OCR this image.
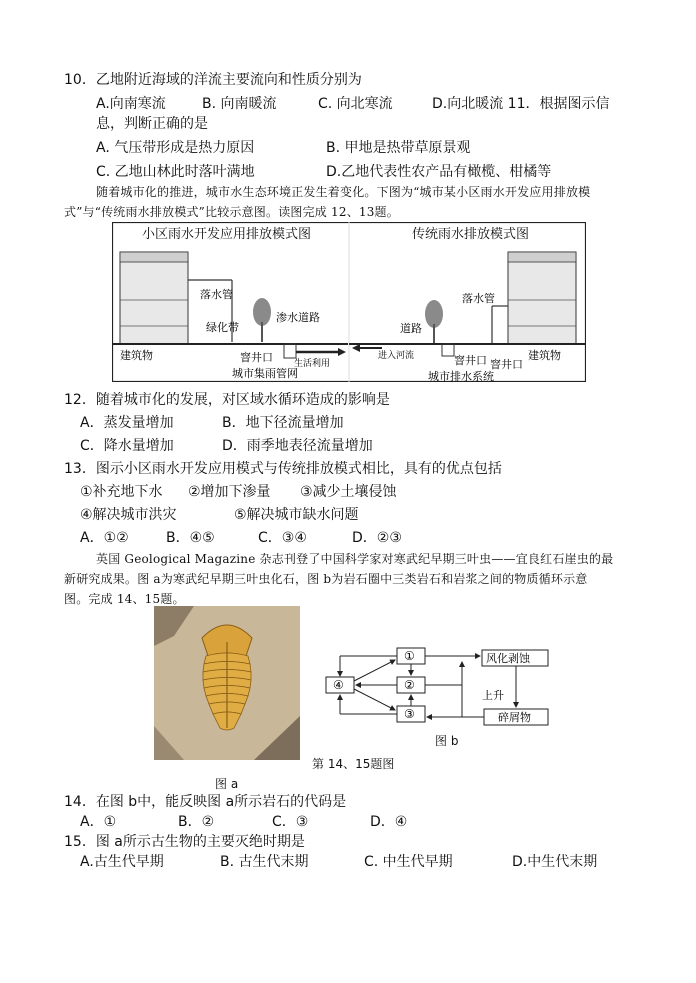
10．乙地附近海域的洋流主要流向和性质分别为
A.向南寒流	B. 向南暖流	C. 向北寒流	D.向北暖流 11．根据图示信
息，判断正确的是
A. 气压带形成是热力原因	B. 甲地是热带草原景观
C. 乙地山林此时落叶满地	D.乙地代表性农产品有橄榄、柑橘等
随着城市化的推进，城市水生态环境正发生着变化。下图为“城市某小区雨水开发应用排放模
式”与“传统雨水排放模式”比较示意图。读图完成 12、13题。
小区雨水开发应用排放模式图	传统雨水排放模式图
落水管
绿化带
渗水道路
建筑物	窨井口 生活利用
城市集雨管网
落水管
道路
进入河流	窨井口 窨井口
建筑物
城市排水系统
12．随着城市化的发展，对区域水循环造成的影响是
A．蒸发量增加	B．地下径流量增加
C．降水量增加	D．雨季地表径流量增加
13．图示小区雨水开发应用模式与传统排放模式相比，具有的优点包括
①补充地下水 ②增加下渗量 ③减少土壤侵蚀
④解决城市洪灾	⑤解决城市缺水问题
A．①②	B．④⑤	C．③④	D．②③
英国 Geological Magazine 杂志刊登了中国科学家对寒武纪早期三叶虫——宜良红石崖虫的最
新研究成果。图 a为寒武纪早期三叶虫化石，图 b为岩石圈中三类岩石和岩浆之间的物质循环示意
图。完成 14、15题。
图 a
①
②
③
④
风化剥蚀
碎屑物
上升
图 b
第 14、15题图
14．在图 b中，能反映图 a所示岩石的代码是
A．①	B．②	C．③	D．④
15．图 a所示古生物的主要灭绝时期是
A.古生代早期	B. 古生代末期	C. 中生代早期	D.中生代末期
